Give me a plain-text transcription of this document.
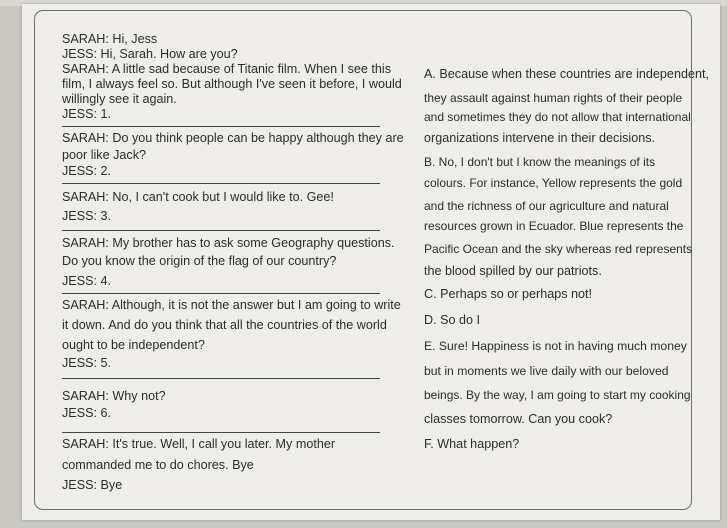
SARAH: Hi, Jess
JESS: Hi, Sarah. How are you?
SARAH: A little sad because of Titanic film. When I see this
film, I always feel so. But although I've seen it before, I would
willingly see it again.
JESS: 1.
SARAH: Do you think people can be happy although they are
poor like Jack?
JESS: 2.
SARAH: No, I can't cook but I would like to. Gee!
JESS: 3.
SARAH: My brother has to ask some Geography questions.
Do you know the origin of the flag of our country?
JESS: 4.
SARAH: Although, it is not the answer but I am going to write
it down. And do you think that all the countries of the world
ought to be independent?
JESS: 5.
SARAH: Why not?
JESS: 6.
SARAH: It's true. Well, I call you later. My mother
commanded me to do chores. Bye
JESS: Bye
A. Because when these countries are independent,
they assault against human rights of their people
and sometimes they do not allow that international
organizations intervene in their decisions.
B. No, I don't but I know the meanings of its
colours. For instance, Yellow represents the gold
and the richness of our agriculture and natural
resources grown in Ecuador. Blue represents the
Pacific Ocean and the sky whereas red represents
the blood spilled by our patriots.
C. Perhaps so or perhaps not!
D. So do I
E. Sure! Happiness is not in having much money
but in moments we live daily with our beloved
beings. By the way, I am going to start my cooking
classes tomorrow. Can you cook?
F. What happen?
